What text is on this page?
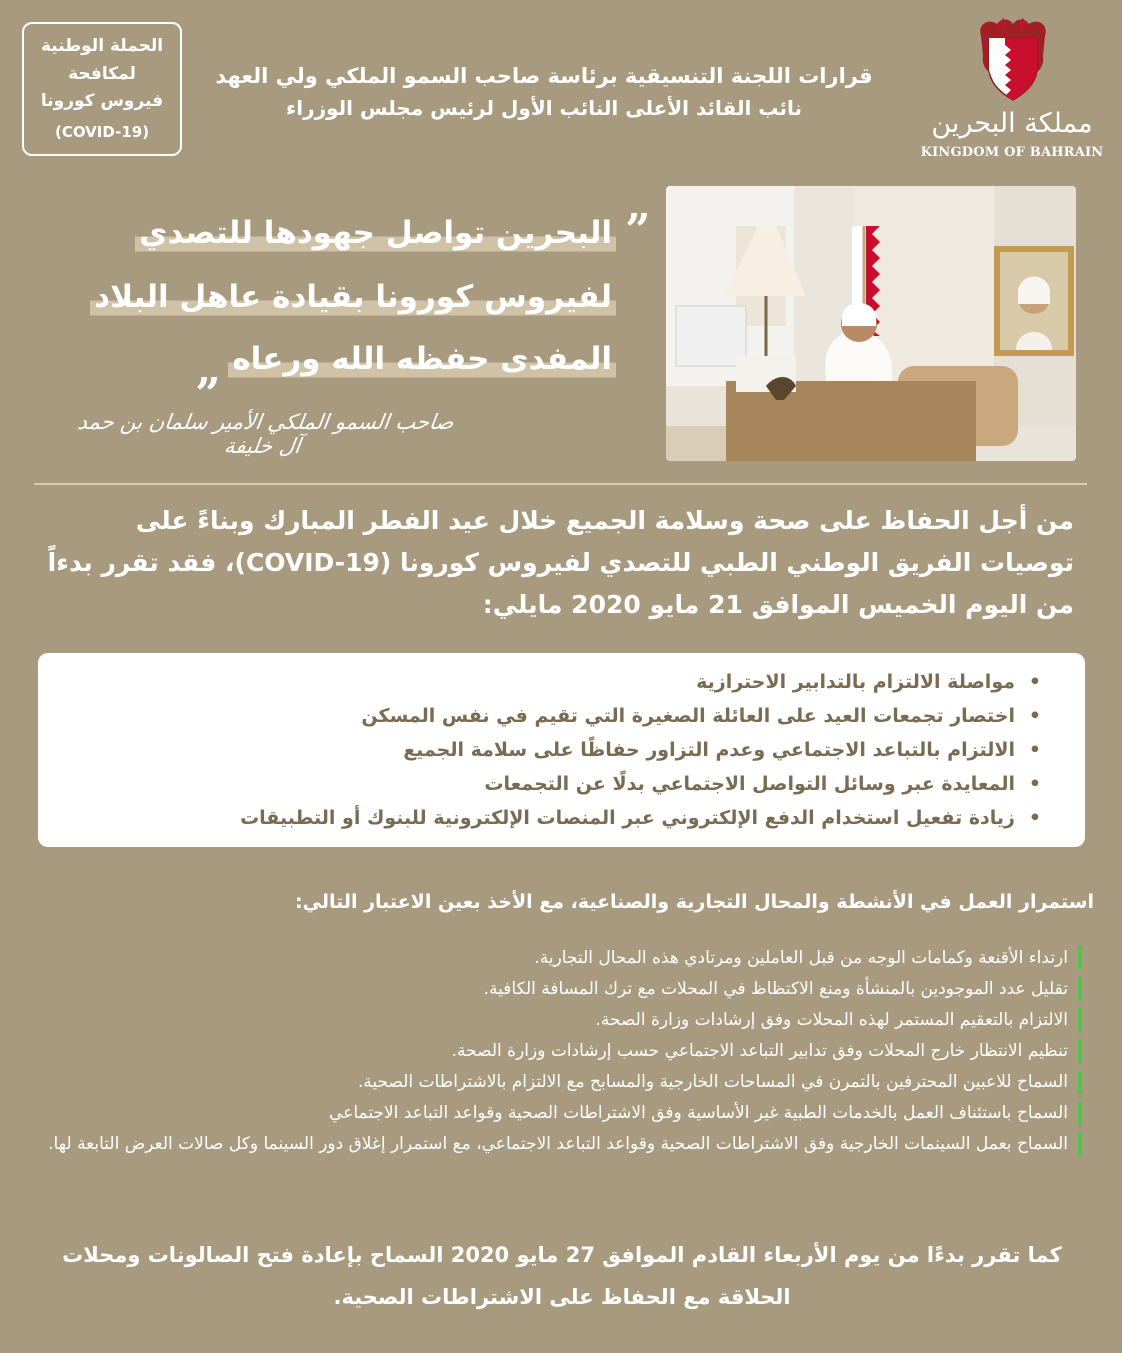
الحملة الوطنية
لمكافحة
فيروس كورونا
(COVID-19)
قرارات اللجنة التنسيقية برئاسة صاحب السمو الملكي ولي العهد
نائب القائد الأعلى النائب الأول لرئيس مجلس الوزراء	مملكة البحرين
KINGDOM OF BAHRAIN
„
البحرين تواصل جهودها للتصدي
لفيروس كورونا بقيادة عاهل البلاد
المفدى حفظه الله ورعاه
„
صاحب السمو الملكي الأمير سلمان بن حمد آل خليفة
من أجل الحفاظ على صحة وسلامة الجميع خلال عيد الفطر المبارك وبناءً على توصيات الفريق الوطني الطبي للتصدي لفيروس كورونا (COVID-19)، فقد تقرر بدءاً من اليوم الخميس الموافق 21 مايو 2020 مايلي:
• مواصلة الالتزام بالتدابير الاحترازية
• اختصار تجمعات العيد على العائلة الصغيرة التي تقيم في نفس المسكن
• الالتزام بالتباعد الاجتماعي وعدم التزاور حفاظًا على سلامة الجميع
• المعايدة عبر وسائل التواصل الاجتماعي بدلًا عن التجمعات
• زيادة تفعيل استخدام الدفع الإلكتروني عبر المنصات الإلكترونية للبنوك أو التطبيقات
استمرار العمل في الأنشطة والمحال التجارية والصناعية، مع الأخذ بعين الاعتبار التالي:
ارتداء الأقنعة وكمامات الوجه من قبل العاملين ومرتادي هذه المحال التجارية.
تقليل عدد الموجودين بالمنشأة ومنع الاكتظاظ في المحلات مع ترك المسافة الكافية.
الالتزام بالتعقيم المستمر لهذه المحلات وفق إرشادات وزارة الصحة.
تنظيم الانتظار خارج المحلات وفق تدابير التباعد الاجتماعي حسب إرشادات وزارة الصحة.
السماح للاعبين المحترفين بالتمرن في المساحات الخارجية والمسابح مع الالتزام بالاشتراطات الصحية.
السماح باستئناف العمل بالخدمات الطبية غير الأساسية وفق الاشتراطات الصحية وقواعد التباعد الاجتماعي
السماح بعمل السينمات الخارجية وفق الاشتراطات الصحية وقواعد التباعد الاجتماعي، مع استمرار إغلاق دور السينما وكل صالات العرض التابعة لها.
كما تقرر بدءًا من يوم الأربعاء القادم الموافق 27 مايو 2020 السماح بإعادة فتح الصالونات ومحلات الحلاقة مع الحفاظ على الاشتراطات الصحية.
